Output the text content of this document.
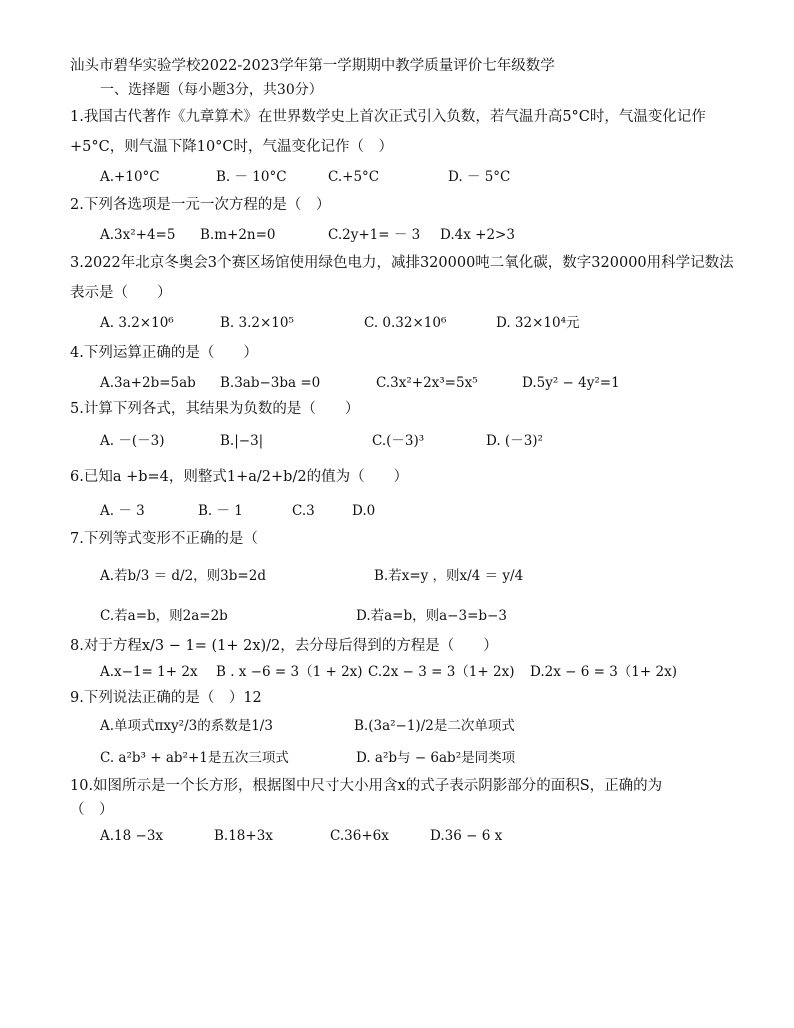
汕头市碧华实验学校2022-2023学年第一学期期中教学质量评价七年级数学
一、选择题（每小题3分，共30分）
1.我国古代著作《九章算术》在世界数学史上首次正式引入负数，若气温升高5°C时，气温变化记作
+5°C，则气温下降10°C时，气温变化记作（　）
A.+10°C	B. － 10°C	C.+5°C	D. － 5°C
2.下列各选项是一元一次方程的是（　）
A.3x²+4=5 B.m+2n=0	C.2y+1= － 3 D.4x +2>3
3.2022年北京冬奥会3个赛区场馆使用绿色电力，减排320000吨二氧化碳，数字320000用科学记数法
表示是（　　）
A. 3.2×10⁶	B. 3.2×10⁵	C. 0.32×10⁶	D. 32×10⁴元
4.下列运算正确的是（　　）
A.3a+2b=5ab B.3ab−3ba =0	C.3x²+2x³=5x⁵	D.5y² − 4y²=1
5.计算下列各式，其结果为负数的是（　　）
A. －(－3)	B.|−3|	C.(－3)³	D. (－3)²
6.已知a +b=4，则整式1+a/2+b/2的值为（　　）
A. － 3	B. － 1	C.3	D.0
7.下列等式变形不正确的是（
A.若b/3 ＝ d/2，则3b=2d	B.若x=y ，则x/4 ＝ y/4
C.若a=b，则2a=2b	D.若a=b，则a−3=b−3
8.对于方程x/3 − 1= (1+ 2x)/2，去分母后得到的方程是（　　）
A.x−1= 1+ 2x B . x −6 = 3（1 + 2x) C.2x − 3 = 3（1+ 2x) D.2x − 6 = 3（1+ 2x)
9.下列说法正确的是（　）12
A.单项式πxy²/3的系数是1/3	B.(3a²−1)/2是二次单项式
C. a²b³ + ab²+1是五次三项式	D. a²b与 − 6ab²是同类项
10.如图所示是一个长方形，根据图中尺寸大小用含x的式子表示阴影部分的面积S，正确的为
（　）
A.18 −3x	B.18+3x	C.36+6x	D.36 − 6 x
